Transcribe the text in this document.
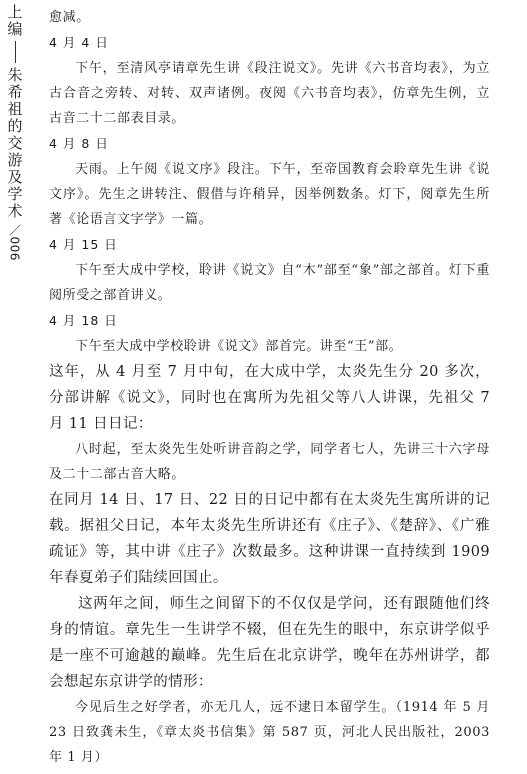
上
编
朱
希
祖
的
交
游
及
学
术
／006

愈减。

4 月 4 日

下午，至清风亭请章先生讲《段注说文》。先讲《六书音均表》，为立古合音之旁转、对转、双声诸例。夜阅《六书音均表》，仿章先生例，立古音二十二部表目录。

4 月 8 日

天雨。上午阅《说文序》段注。下午，至帝国教育会聆章先生讲《说文序》。先生之讲转注、假借与许稍异，因举例数条。灯下，阅章先生所著《论语言文字学》一篇。

4 月 15 日

下午至大成中学校，聆讲《说文》自“木”部至“象”部之部首。灯下重阅所受之部首讲义。

4 月 18 日

下午至大成中学校聆讲《说文》部首完。讲至“王”部。

这年，从 4 月至 7 月中旬，在大成中学，太炎先生分 20 多次，分部讲解《说文》，同时也在寓所为先祖父等八人讲课，先祖父 7 月 11 日日记：

八时起，至太炎先生处听讲音韵之学，同学者七人，先讲三十六字母及二十二部古音大略。

在同月 14 日、17 日、22 日的日记中都有在太炎先生寓所讲的记载。据祖父日记，本年太炎先生所讲还有《庄子》、《楚辞》、《广雅疏证》等，其中讲《庄子》次数最多。这种讲课一直持续到 1909 年春夏弟子们陆续回国止。

这两年之间，师生之间留下的不仅仅是学问，还有跟随他们终身的情谊。章先生一生讲学不辍，但在先生的眼中，东京讲学似乎是一座不可逾越的巅峰。先生后在北京讲学，晚年在苏州讲学，都会想起东京讲学的情形：

今见后生之好学者，亦无几人，远不逮日本留学生。（1914 年 5 月 23 日致龚未生，《章太炎书信集》第 587 页，河北人民出版社，2003 年 1 月）
